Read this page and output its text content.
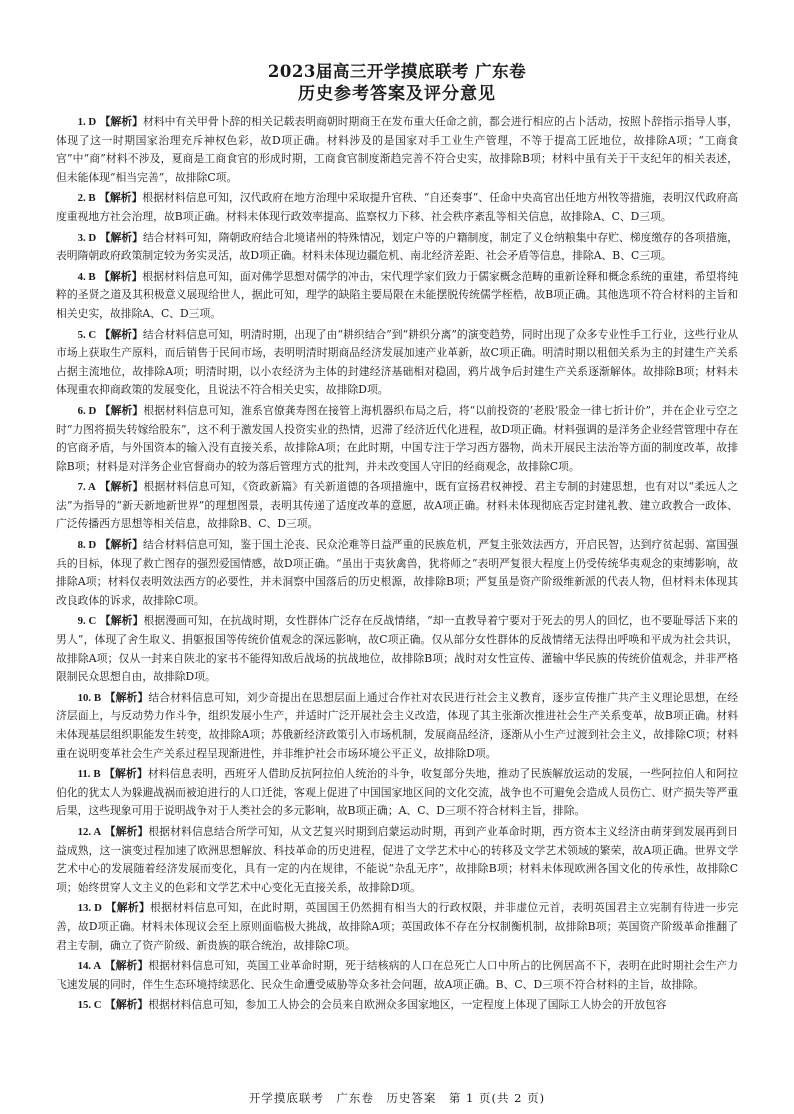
2023届高三开学摸底联考 广东卷
历史参考答案及评分意见

1. D 【解析】材料中有关甲骨卜辞的相关记载表明商朝时期商王在发布重大任命之前，都会进行相应的占卜活动，按照卜辞指示指导人事，体现了这一时期国家治理充斥神权色彩，故D项正确。材料涉及的是国家对手工业生产管理，不等于提高工匠地位，故排除A项；“工商食官”中“商”材料不涉及，夏商是工商食官的形成时期，工商食官制度渐趋完善不符合史实，故排除B项；材料中虽有关于干支纪年的相关表述，但未能体现“相当完善”，故排除C项。

2. B 【解析】根据材料信息可知，汉代政府在地方治理中采取提升官秩、“自还奏事”、任命中央高官出任地方州牧等措施，表明汉代政府高度重视地方社会治理，故B项正确。材料未体现行政效率提高、监察权力下移、社会秩序紊乱等相关信息，故排除A、C、D三项。

3. D 【解析】结合材料可知，隋朝政府结合北境诸州的特殊情况，划定户等的户籍制度，制定了义仓纳粮集中存贮、梯度缴存的各项措施，表明隋朝政府政策制定较为务实灵活，故D项正确。材料未体现边疆危机、南北经济差距、社会矛盾等信息，排除A、B、C三项。

4. B 【解析】根据材料信息可知，面对佛学思想对儒学的冲击，宋代理学家们致力于儒家概念范畴的重新诠释和概念系统的重建，希望将纯粹的圣贤之道及其积极意义展现给世人，据此可知，理学的缺陷主要局限在未能摆脱传统儒学桎梏，故B项正确。其他选项不符合材料的主旨和相关史实，故排除A、C、D三项。

5. C 【解析】结合材料信息可知，明清时期，出现了由“耕织结合”到“耕织分离”的演变趋势，同时出现了众多专业性手工行业，这些行业从市场上获取生产原料，而后销售于民间市场，表明明清时期商品经济发展加速产业革新，故C项正确。明清时期以租佃关系为主的封建生产关系占据主流地位，故排除A项；明清时期，以小农经济为主体的封建经济基础相对稳固，鸦片战争后封建生产关系逐渐解体。故排除B项；材料未体现重农抑商政策的发展变化，且说法不符合相关史实，故排除D项。

6. D 【解析】根据材料信息可知，淮系官僚龚寿图在接管上海机器织布局之后，将“以前投资的‘老股’股金一律七折计价”，并在企业亏空之时“力图将损失转嫁给股东”，这不利于激发国人投资实业的热情，迟滞了经济近代化进程，故D项正确。材料强调的是洋务企业经营管理中存在的官商矛盾，与外国资本的输入没有直接关系，故排除A项；在此时期，中国专注于学习西方器物，尚未开展民主法治等方面的制度改革，故排除B项；材料是对洋务企业官督商办的较为落后管理方式的批判，并未改变国人守旧的经商观念，故排除C项。

7. A 【解析】根据材料信息可知，《资政新篇》有关新道德的各项措施中，既有宣扬君权神授、君主专制的封建思想，也有对以“柔远人之法”为指导的“新天新地新世界”的理想图景，表明其传递了适度改革的意愿，故A项正确。材料未体现彻底否定封建礼教、建立政教合一政体、广泛传播西方思想等相关信息，故排除B、C、D三项。

8. D 【解析】结合材料信息可知，鉴于国土沦丧、民众沦难等日益严重的民族危机，严复主张效法西方，开启民智，达到疗贫起弱、富国强兵的目标，体现了救亡图存的强烈爱国情感，故D项正确。“虽出于夷狄禽兽，犹将师之”表明严复很大程度上仍受传统华夷观念的束缚影响，故排除A项；材料仅表明效法西方的必要性，并未洞察中国落后的历史根源，故排除B项；严复虽是资产阶级维新派的代表人物，但材料未体现其改良政体的诉求，故排除C项。

9. C 【解析】根据漫画可知，在抗战时期，女性群体广泛存在反战情绪，“却一直教导着宁要对于死去的男人的回忆，也不要耻辱活下来的男人”，体现了舍生取义、捐躯报国等传统价值观念的深远影响，故C项正确。仅从部分女性群体的反战情绪无法得出呼唤和平成为社会共识，故排除A项；仅从一封来自陕北的家书不能得知敌后战场的抗战地位，故排除B项；战时对女性宣传、灌输中华民族的传统价值观念，并非严格限制民众思想自由，故排除D项。

10. B 【解析】结合材料信息可知，刘少奇提出在思想层面上通过合作社对农民进行社会主义教育，逐步宣传推广共产主义理论思想，在经济层面上，与反动势力作斗争，组织发展小生产，并适时广泛开展社会主义改造，体现了其主张渐次推进社会生产关系变革，故B项正确。材料未体现基层组织职能发生转变，故排除A项；苏俄新经济政策引入市场机制，发展商品经济，逐渐从小生产过渡到社会主义，故排除C项；材料重在说明变革社会生产关系过程呈现渐进性，并非维护社会市场环境公平正义，故排除D项。

11. B 【解析】材料信息表明，西班牙人借助反抗阿拉伯人统治的斗争，收复部分失地，推动了民族解放运动的发展，一些阿拉伯人和阿拉伯化的犹太人为躲避战祸而被迫进行的人口迁徙，客观上促进了中国国家地区间的文化交流，战争也不可避免会造成人员伤亡、财产损失等严重后果，这些现象可用于说明战争对于人类社会的多元影响，故B项正确；A、C、D三项不符合材料主旨，排除。

12. A 【解析】根据材料信息结合所学可知，从文艺复兴时期到启蒙运动时期，再到产业革命时期，西方资本主义经济由萌芽到发展再到日益成熟，这一演变过程加速了欧洲思想解放、科技革命的历史进程，促进了文学艺术中心的转移及文学艺术领域的繁荣，故A项正确。世界文学艺术中心的发展随着经济发展而变化，具有一定的内在规律，不能说“杂乱无序”，故排除B项；材料未体现欧洲各国文化的传承性，故排除C项；始终贯穿人文主义的色彩和文学艺术中心变化无直接关系，故排除D项。

13. D 【解析】根据材料信息可知，在此时期，英国国王仍然拥有相当大的行政权限，并非虚位元首，表明英国君主立宪制有待进一步完善，故D项正确。材料未体现议会至上原则面临极大挑战，故排除A项；英国政体不存在分权制衡机制，故排除B项；英国资产阶级革命推翻了君主专制，确立了资产阶级、新贵族的联合统治，故排除C项。

14. A 【解析】根据材料信息可知，英国工业革命时期，死于结核病的人口在总死亡人口中所占的比例居高不下，表明在此时期社会生产力飞速发展的同时，伴生生态环境持续恶化、民众生命遭受威胁等众多社会问题，故A项正确。B、C、D三项不符合材料的主旨，故排除。

15. C 【解析】根据材料信息可知，参加工人协会的会员来自欧洲众多国家地区，一定程度上体现了国际工人协会的开放包容

开学摸底联考　广东卷　历史答案　第 1 页(共 2 页)
